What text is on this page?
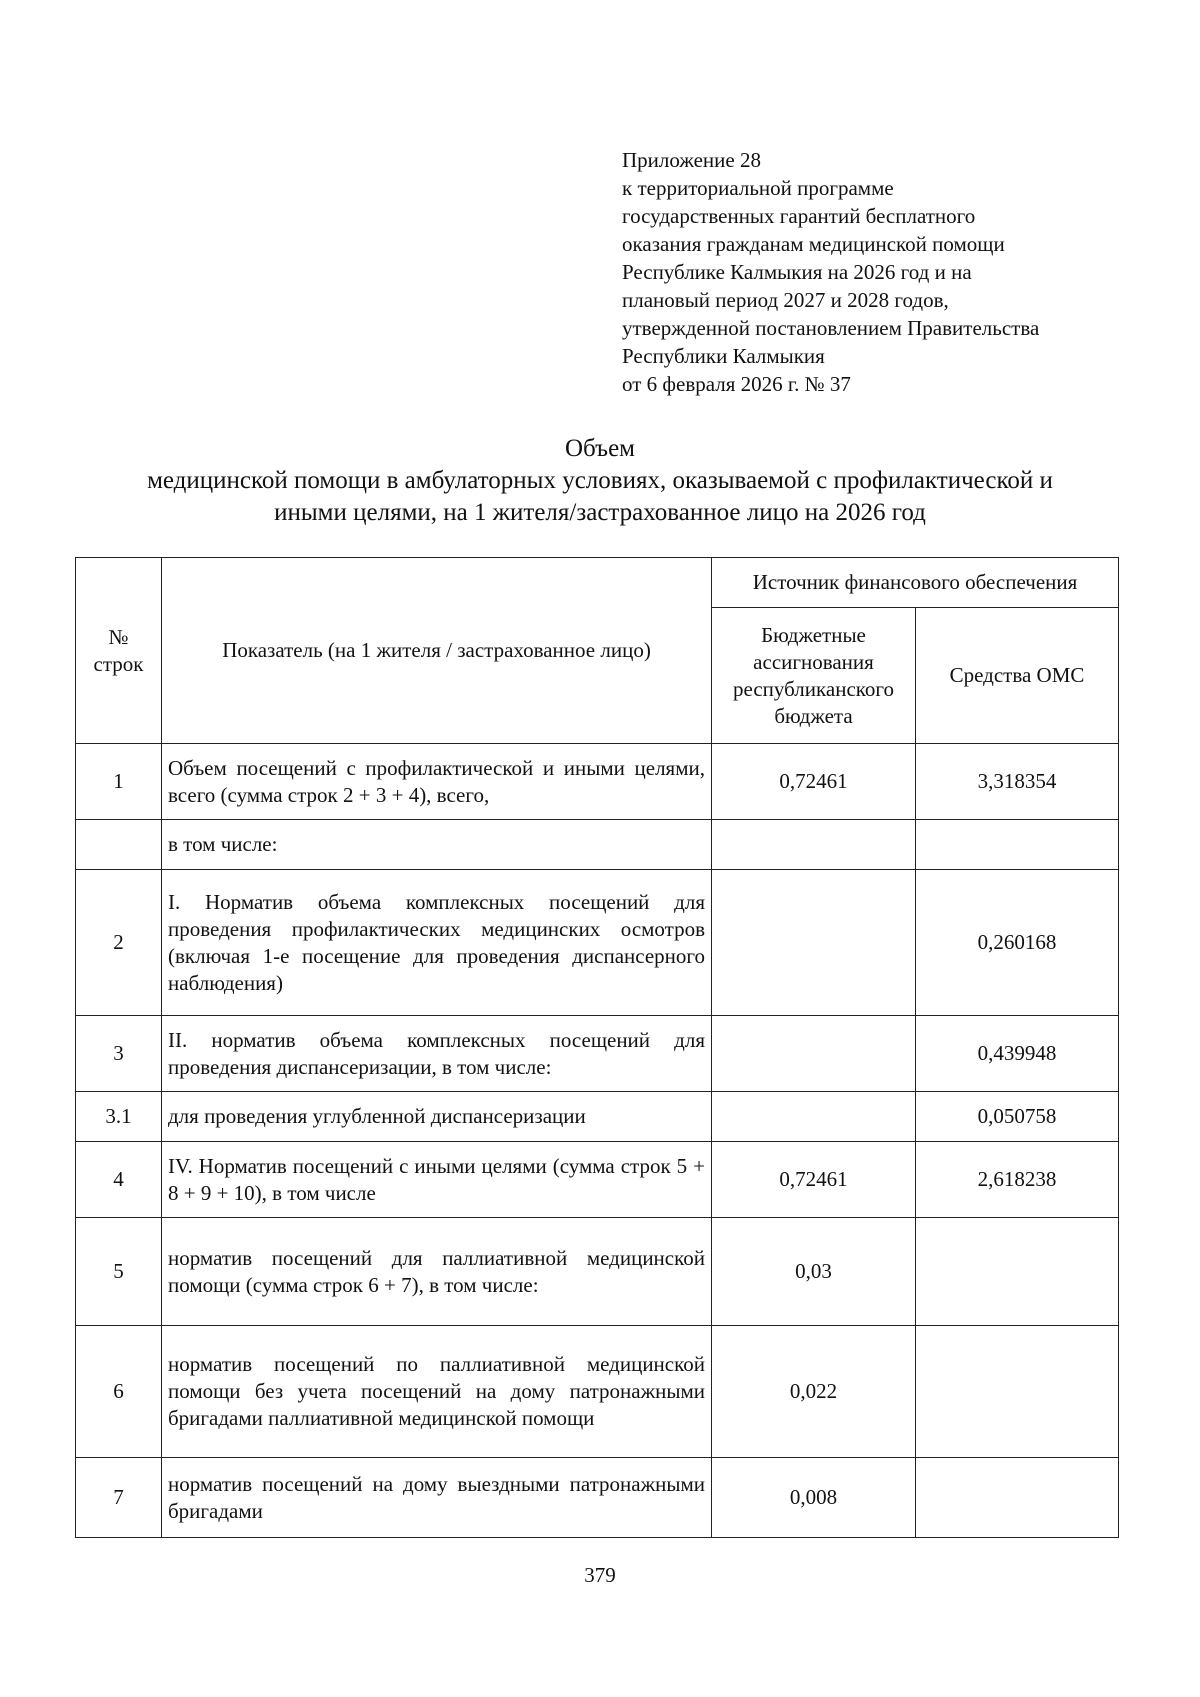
Приложение 28
к территориальной программе
государственных гарантий бесплатного
оказания гражданам медицинской помощи
Республике Калмыкия на 2026 год и на
плановый период 2027 и 2028 годов,
утвержденной постановлением Правительства
Республики Калмыкия
от 6 февраля 2026 г. № 37
Объем
медицинской помощи в амбулаторных условиях, оказываемой с профилактической и
иными целями, на 1 жителя/застрахованное лицо на 2026 год
№ строк	Показатель (на 1 жителя / застрахованное лицо)	Источник финансового обеспечения	
		Бюджетные ассигнования республиканского бюджета	Средства ОМС
1	Объем посещений с профилактической и иными целями, всего (сумма строк 2 + 3 + 4), всего,	0,72461	3,318354
	в том числе:		
2	I. Норматив объема комплексных посещений для проведения профилактических медицинских осмотров (включая 1-е посещение для проведения диспансерного наблюдения)		0,260168
3	II. норматив объема комплексных посещений для проведения диспансеризации, в том числе:		0,439948
3.1	для проведения углубленной диспансеризации		0,050758
4	IV. Норматив посещений с иными целями (сумма строк 5 + 8 + 9 + 10), в том числе	0,72461	2,618238
5	норматив посещений для паллиативной медицинской помощи (сумма строк 6 + 7), в том числе:	0,03	
6	норматив посещений по паллиативной медицинской помощи без учета посещений на дому патронажными бригадами паллиативной медицинской помощи	0,022	
7	норматив посещений на дому выездными патронажными бригадами	0,008	
379
